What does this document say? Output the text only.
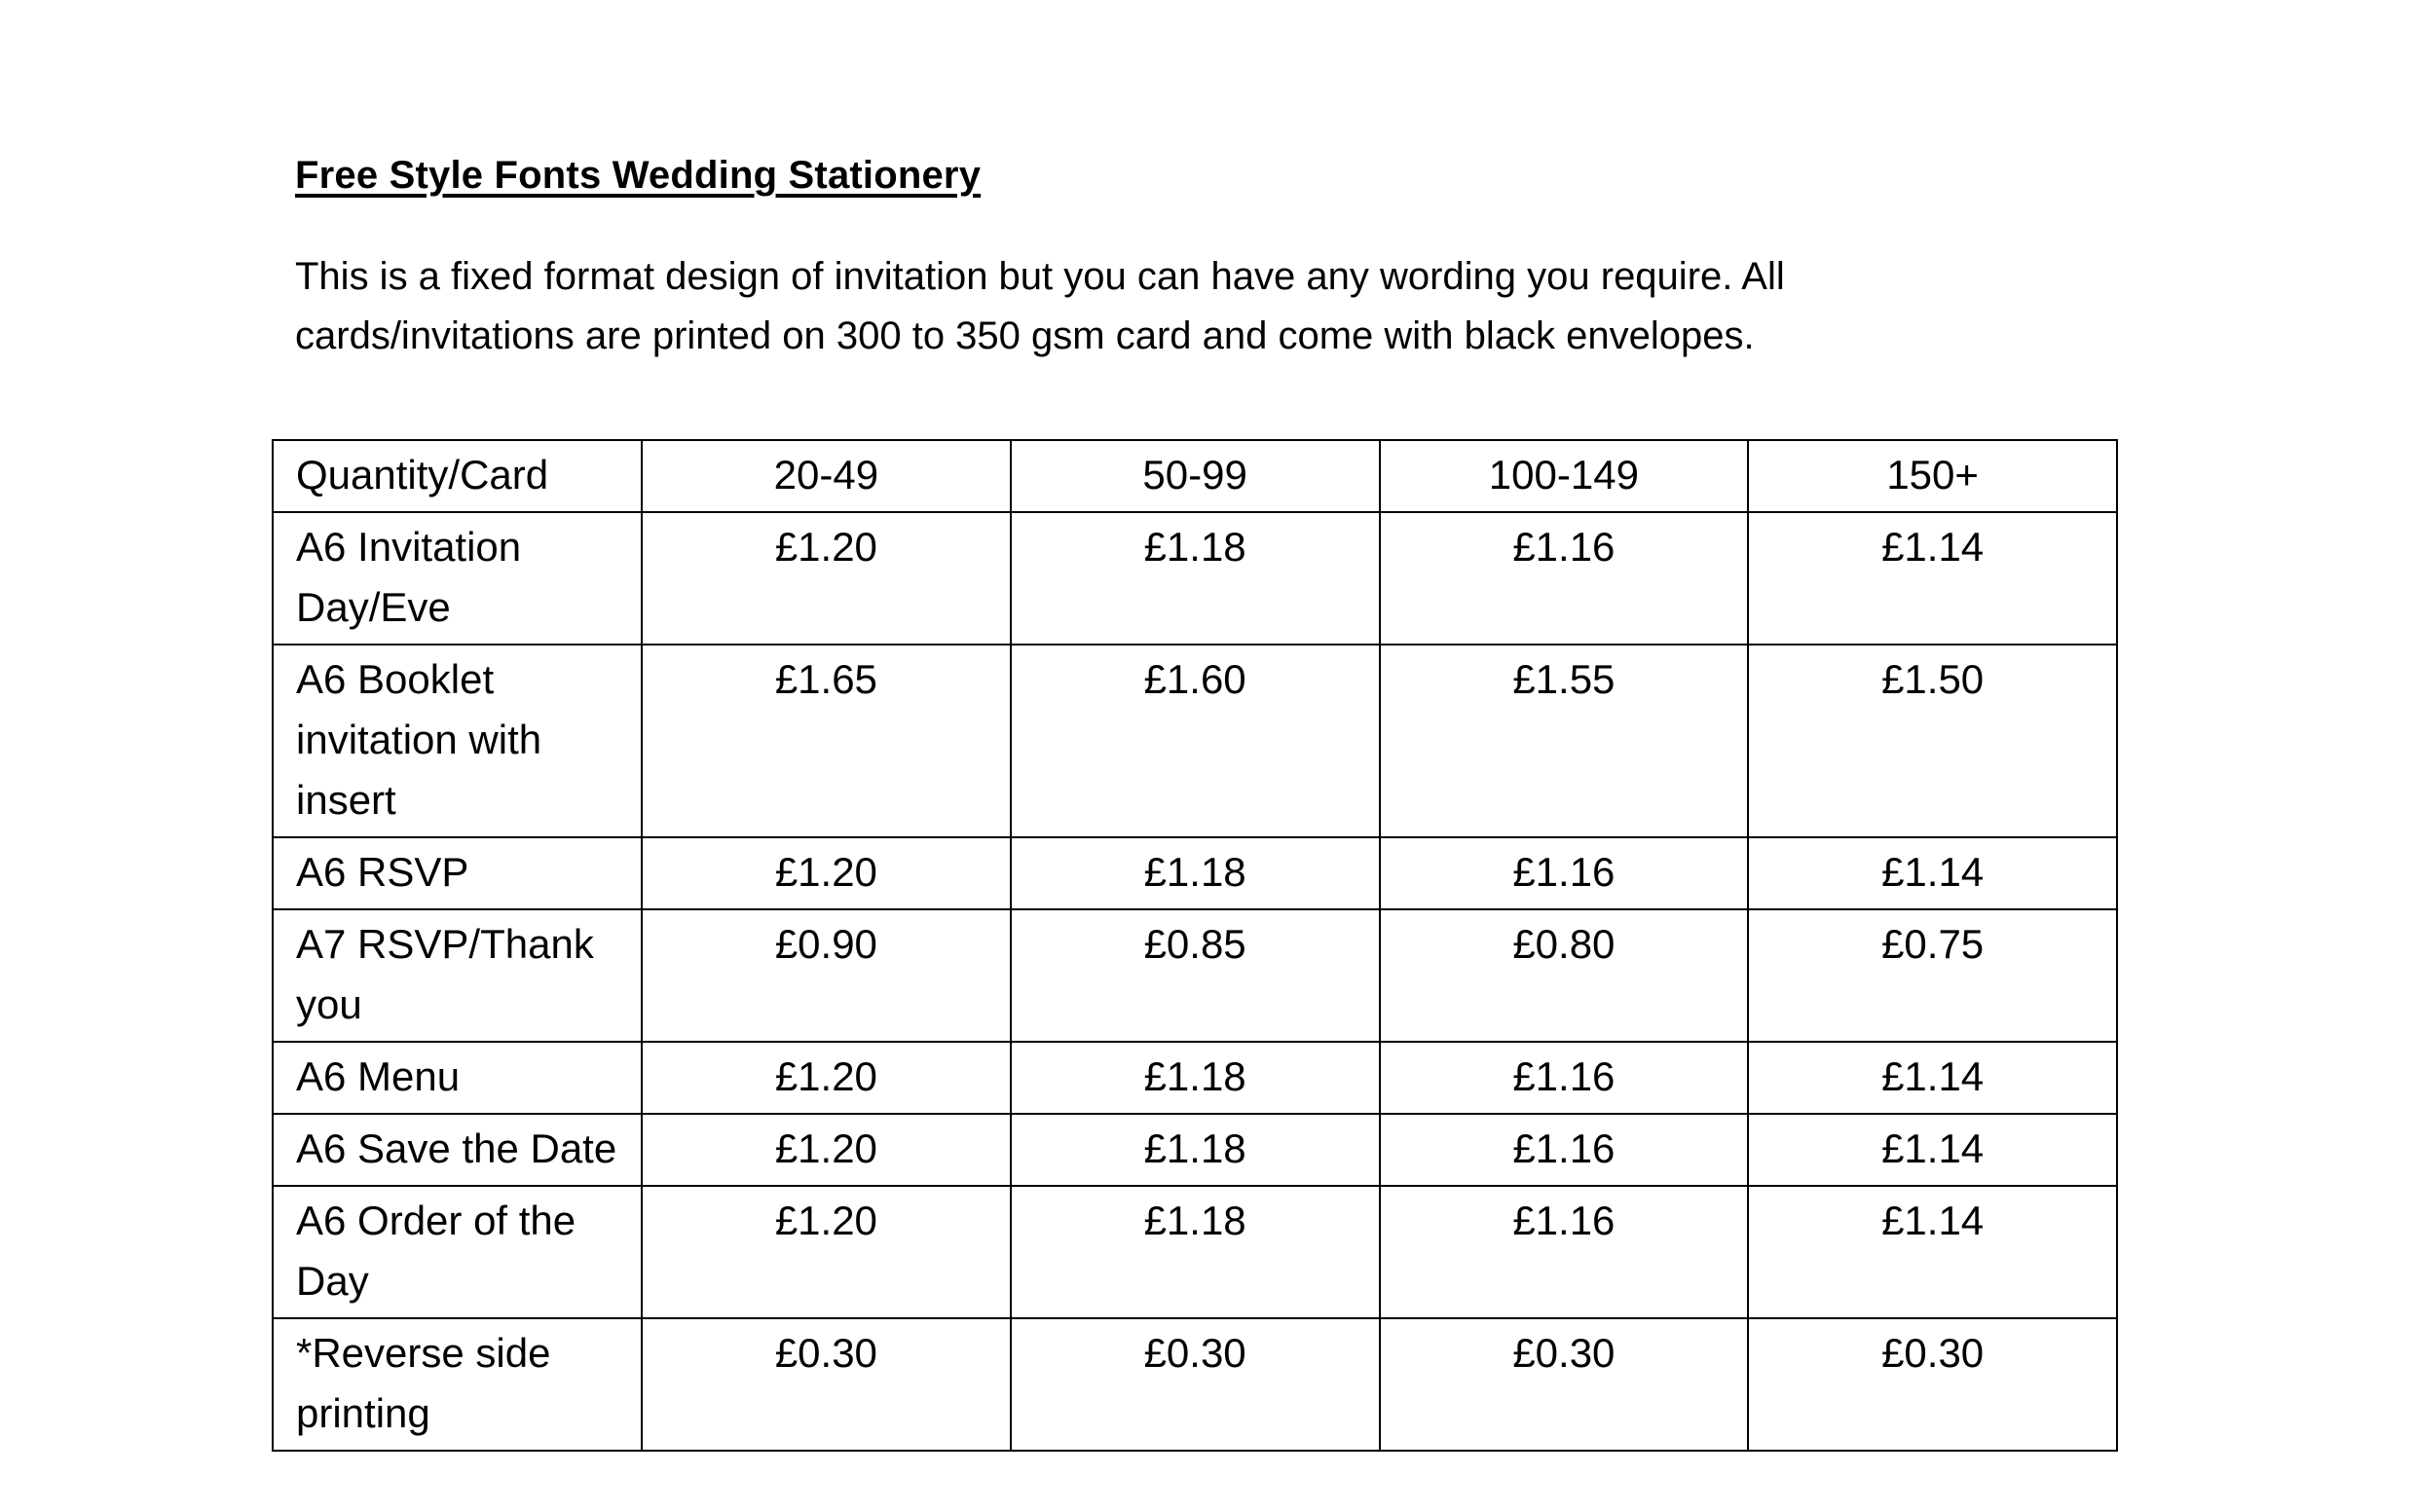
Free Style Fonts Wedding Stationery

This is a fixed format design of invitation but you can have any wording you require. All cards/invitations are printed on 300 to 350 gsm card and come with black envelopes.

Quantity/Card	20-49	50-99	100-149	150+
A6 Invitation Day/Eve	£1.20	£1.18	£1.16	£1.14
A6 Booklet invitation with insert	£1.65	£1.60	£1.55	£1.50
A6 RSVP	£1.20	£1.18	£1.16	£1.14
A7 RSVP/Thank you	£0.90	£0.85	£0.80	£0.75
A6 Menu	£1.20	£1.18	£1.16	£1.14
A6 Save the Date	£1.20	£1.18	£1.16	£1.14
A6 Order of the Day	£1.20	£1.18	£1.16	£1.14
*Reverse side printing	£0.30	£0.30	£0.30	£0.30
